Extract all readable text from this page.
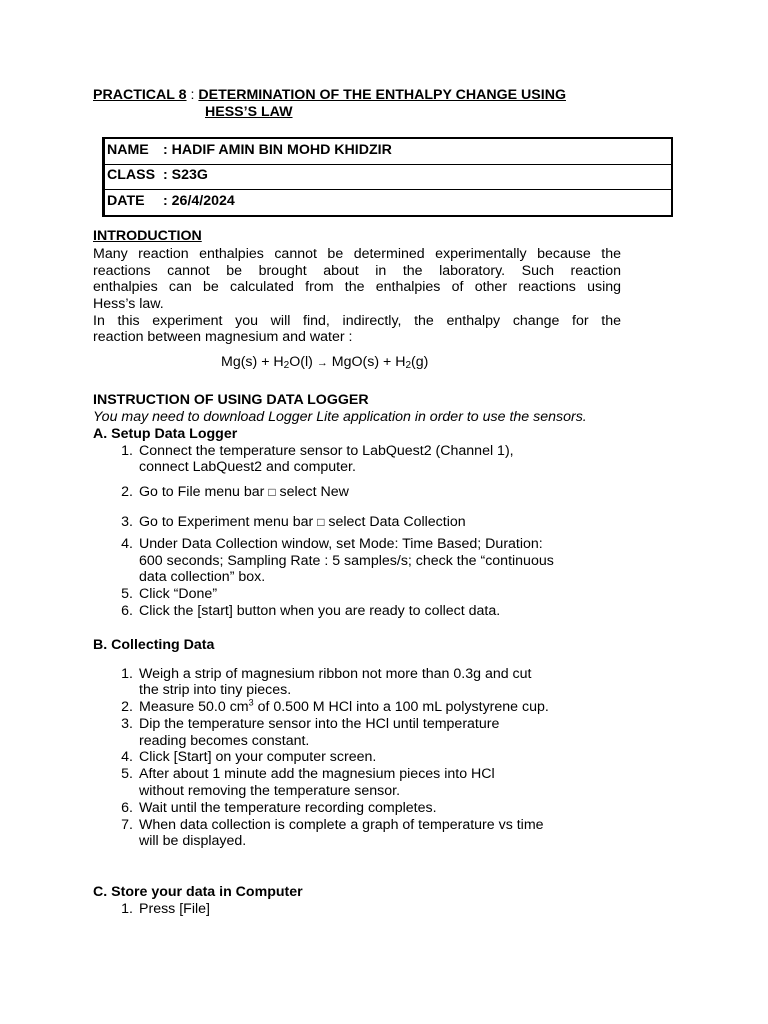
PRACTICAL 8 : DETERMINATION OF THE ENTHALPY CHANGE USING
HESS’S LAW
NAME : HADIF AMIN BIN MOHD KHIDZIR
CLASS : S23G
DATE : 26/4/2024
INTRODUCTION
Many reaction enthalpies cannot be determined experimentally because the
reactions cannot be brought about in the laboratory. Such reaction
enthalpies can be calculated from the enthalpies of other reactions using
Hess’s law.
In this experiment you will find, indirectly, the enthalpy change for the
reaction between magnesium and water :
$Mg(s) + H_2O(l) \to MgO(s) + H_2(g)$
INSTRUCTION OF USING DATA LOGGER
You may need to download Logger Lite application in order to use the sensors.
A. Setup Data Logger
1. Connect the temperature sensor to LabQuest2 (Channel 1),
connect LabQuest2 and computer.
2. Go to File menu bar □ select New
3. Go to Experiment menu bar □ select Data Collection
4. Under Data Collection window, set Mode: Time Based; Duration:
600 seconds; Sampling Rate : 5 samples/s; check the “continuous
data collection” box.
5. Click “Done”
6. Click the [start] button when you are ready to collect data.
B. Collecting Data
1. Weigh a strip of magnesium ribbon not more than 0.3g and cut
the strip into tiny pieces.
2. Measure 50.0 $cm^3$ of 0.500 M HCl into a 100 mL polystyrene cup.
3. Dip the temperature sensor into the HCl until temperature
reading becomes constant.
4. Click [Start] on your computer screen.
5. After about 1 minute add the magnesium pieces into HCl
without removing the temperature sensor.
6. Wait until the temperature recording completes.
7. When data collection is complete a graph of temperature vs time
will be displayed.
C. Store your data in Computer
1. Press [File]
